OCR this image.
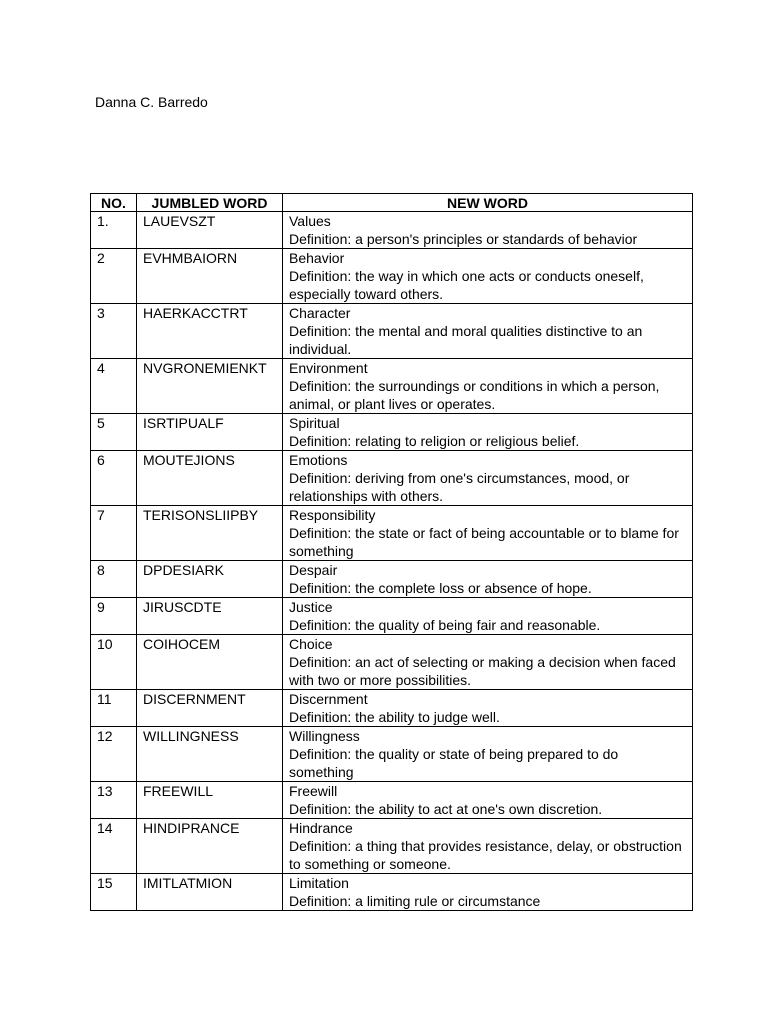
Danna C. Barredo
NO.	JUMBLED WORD	NEW WORD
1.	LAUEVSZT	Values
Definition: a person's principles or standards of behavior

2	EVHMBAIORN	Behavior
Definition: the way in which one acts or conducts oneself, especially toward others.

3	HAERKACCTRT	Character
Definition: the mental and moral qualities distinctive to an individual.

4	NVGRONEMIENKT	Environment
Definition: the surroundings or conditions in which a person, animal, or plant lives or operates.

5	ISRTIPUALF	Spiritual
Definition: relating to religion or religious belief.

6	MOUTEJIONS	Emotions
Definition: deriving from one's circumstances, mood, or relationships with others.

7	TERISONSLIIPBY	Responsibility
Definition: the state or fact of being accountable or to blame for something

8	DPDESIARK	Despair
Definition: the complete loss or absence of hope.

9	JIRUSCDTE	Justice
Definition: the quality of being fair and reasonable.

10	COIHOCEM	Choice
Definition: an act of selecting or making a decision when faced with two or more possibilities.

11	DISCERNMENT	Discernment
Definition: the ability to judge well.

12	WILLINGNESS	Willingness
Definition: the quality or state of being prepared to do something

13	FREEWILL	Freewill
Definition: the ability to act at one's own discretion.

14	HINDIPRANCE	Hindrance
Definition: a thing that provides resistance, delay, or obstruction to something or someone.

15	IMITLATMION	Limitation
Definition: a limiting rule or circumstance
